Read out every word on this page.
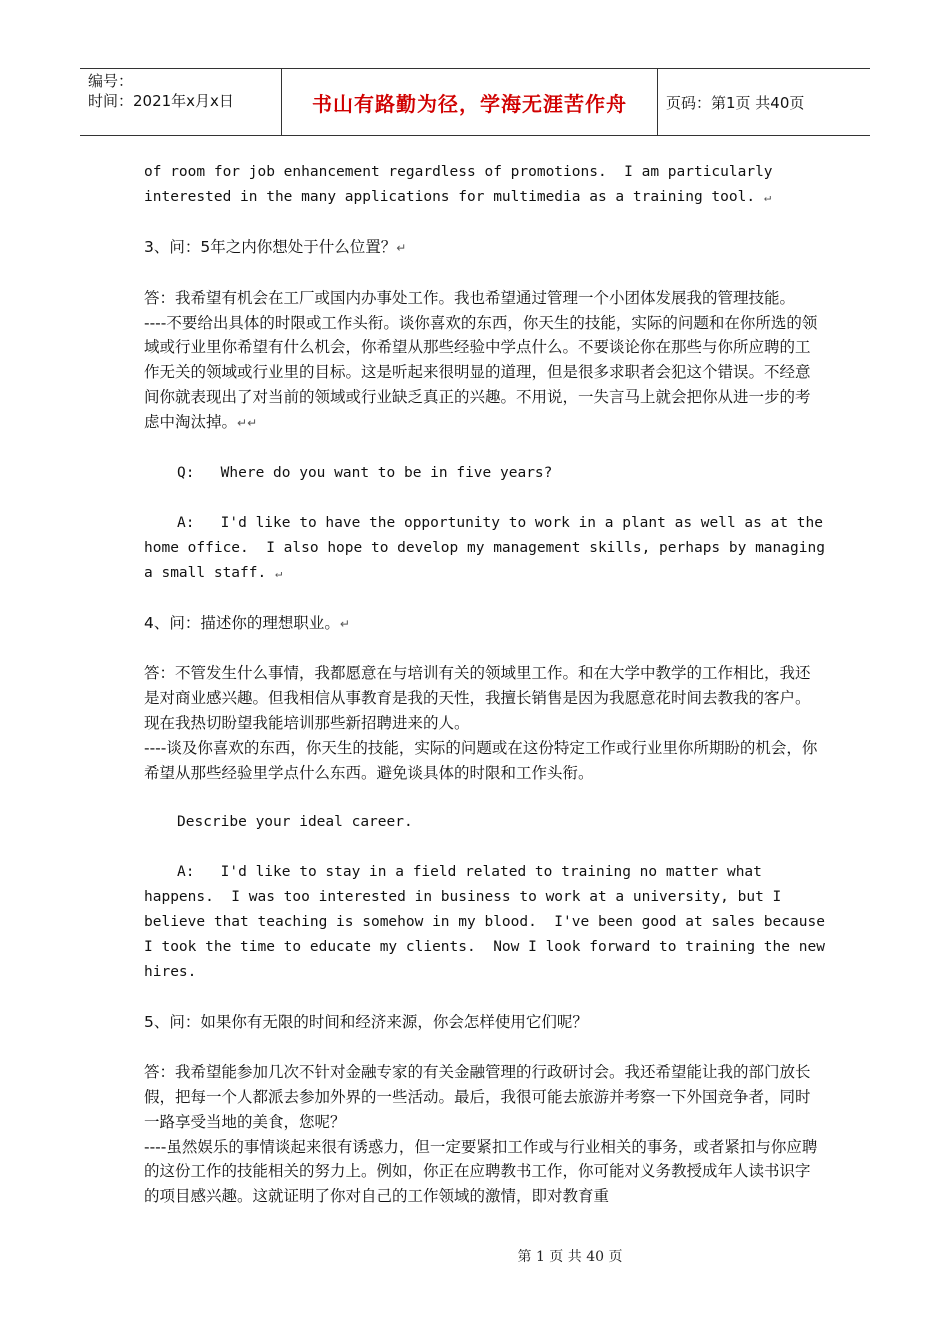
编号：
时间：2021年x月x日	书山有路勤为径，学海无涯苦作舟	页码：第1页 共40页

of room for job enhancement regardless of promotions.  I am particularly

interested in the many applications for multimedia as a training tool. ↵

3、问：5年之内你想处于什么位置？↵

答：我希望有机会在工厂或国内办事处工作。我也希望通过管理一个小团体发展我的管理技能。

----不要给出具体的时限或工作头衔。谈你喜欢的东西，你天生的技能，实际的问题和在你所选的领域或行业里你希望有什么机会，你希望从那些经验中学点什么。不要谈论你在那些与你所应聘的工作无关的领域或行业里的目标。这是听起来很明显的道理，但是很多求职者会犯这个错误。不经意间你就表现出了对当前的领域或行业缺乏真正的兴趣。不用说，一失言马上就会把你从进一步的考虑中淘汰掉。↵↵

Q:   Where do you want to be in five years?

A:   I'd like to have the opportunity to work in a plant as well as at the

home office.  I also hope to develop my management skills, perhaps by managing

a small staff. ↵

4、问：描述你的理想职业。↵

答：不管发生什么事情，我都愿意在与培训有关的领域里工作。和在大学中教学的工作相比，我还是对商业感兴趣。但我相信从事教育是我的天性，我擅长销售是因为我愿意花时间去教我的客户。现在我热切盼望我能培训那些新招聘进来的人。

----谈及你喜欢的东西，你天生的技能，实际的问题或在这份特定工作或行业里你所期盼的机会，你希望从那些经验里学点什么东西。避免谈具体的时限和工作头衔。

Describe your ideal career.

A:   I'd like to stay in a field related to training no matter what

happens.  I was too interested in business to work at a university, but I

believe that teaching is somehow in my blood.  I've been good at sales because

I took the time to educate my clients.  Now I look forward to training the new

hires.

5、问：如果你有无限的时间和经济来源，你会怎样使用它们呢？

答：我希望能参加几次不针对金融专家的有关金融管理的行政研讨会。我还希望能让我的部门放长假，把每一个人都派去参加外界的一些活动。最后，我很可能去旅游并考察一下外国竞争者，同时一路享受当地的美食，您呢？

----虽然娱乐的事情谈起来很有诱惑力，但一定要紧扣工作或与行业相关的事务，或者紧扣与你应聘的这份工作的技能相关的努力上。例如，你正在应聘教书工作，你可能对义务教授成年人读书识字的项目感兴趣。这就证明了你对自己的工作领域的激情，即对教育重

第 1 页 共 40 页
